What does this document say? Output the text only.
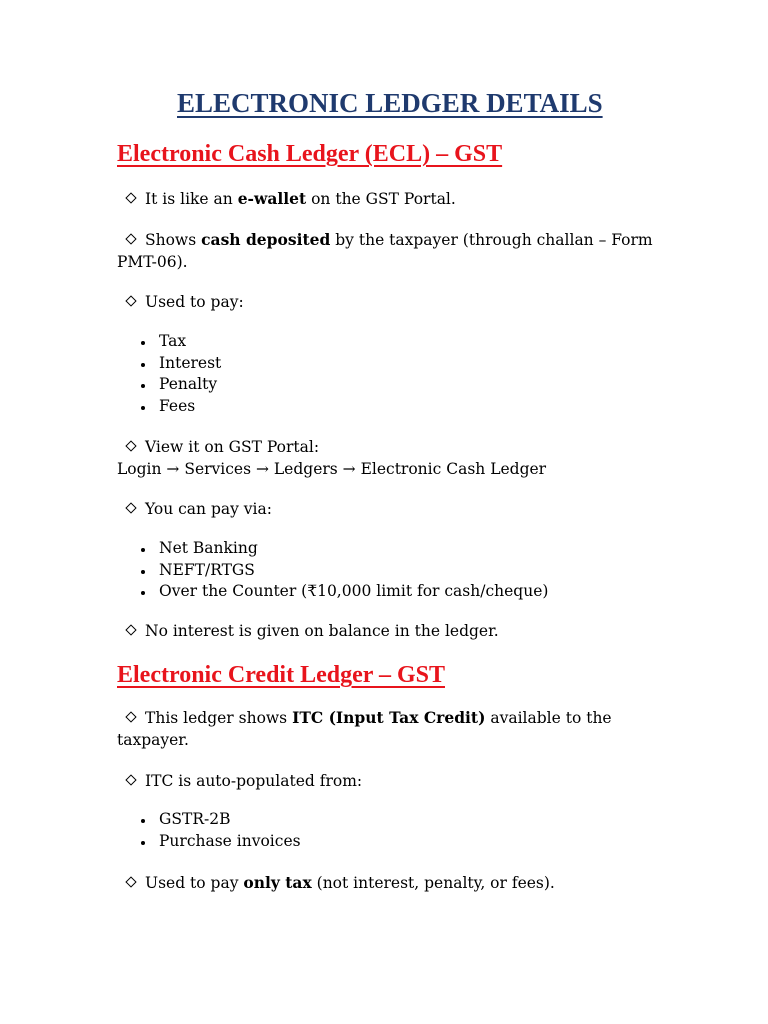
ELECTRONIC LEDGER DETAILS
Electronic Cash Ledger (ECL) – GST

It is like an e-wallet on the GST Portal.

Shows cash deposited by the taxpayer (through challan – Form
PMT-06).

Used to pay:

Tax
Interest
Penalty
Fees

View it on GST Portal:
Login → Services → Ledgers → Electronic Cash Ledger

You can pay via:

Net Banking
NEFT/RTGS
Over the Counter (₹10,000 limit for cash/cheque)

No interest is given on balance in the ledger.

Electronic Credit Ledger – GST

This ledger shows ITC (Input Tax Credit) available to the
taxpayer.

ITC is auto-populated from:

GSTR-2B
Purchase invoices

Used to pay only tax (not interest, penalty, or fees).
